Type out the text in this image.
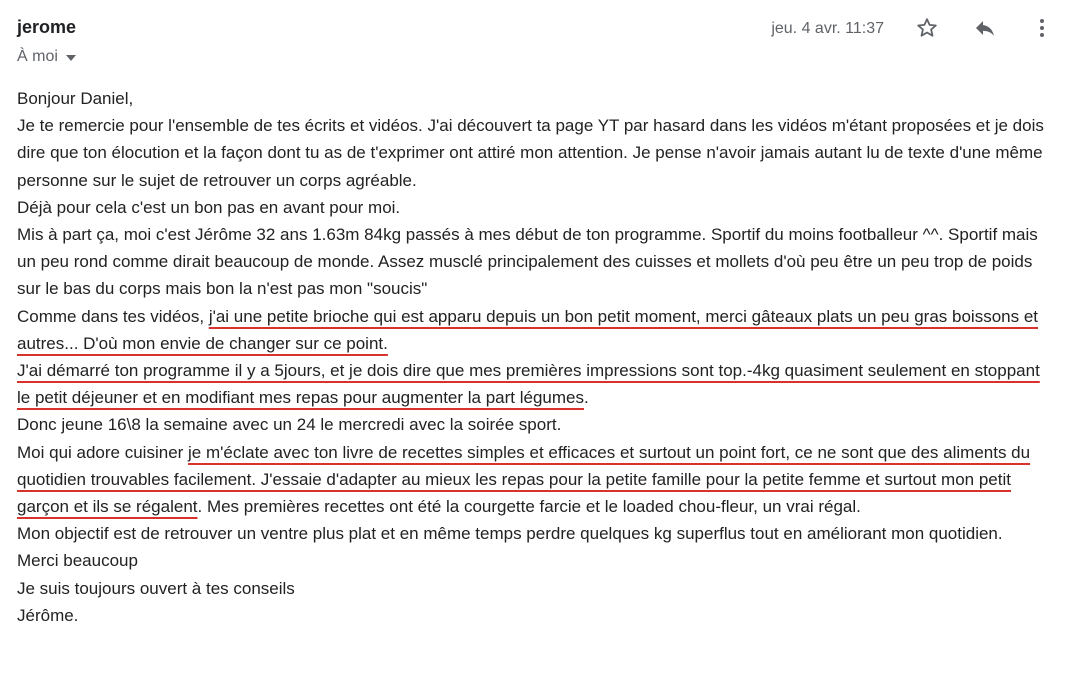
jerome
À moi
jeu. 4 avr. 11:37

Bonjour Daniel,

Je te remercie pour l'ensemble de tes écrits et vidéos. J'ai découvert ta page YT par hasard dans les vidéos m'étant proposées et je dois dire que ton élocution et la façon dont tu as de t'exprimer ont attiré mon attention. Je pense n'avoir jamais autant lu de texte d'une même personne sur le sujet de retrouver un corps agréable.

Déjà pour cela c'est un bon pas en avant pour moi.

Mis à part ça, moi c'est Jérôme 32 ans 1.63m 84kg passés à mes début de ton programme. Sportif du moins footballeur ^^. Sportif mais un peu rond comme dirait beaucoup de monde. Assez musclé principalement des cuisses et mollets d'où peu être un peu trop de poids sur le bas du corps mais bon la n'est pas mon "soucis"

Comme dans tes vidéos, j'ai une petite brioche qui est apparu depuis un bon petit moment, merci gâteaux plats un peu gras boissons et autres... D'où mon envie de changer sur ce point.

J'ai démarré ton programme il y a 5jours, et je dois dire que mes premières impressions sont top.-4kg quasiment seulement en stoppant le petit déjeuner et en modifiant mes repas pour augmenter la part légumes.

Donc jeune 16\8 la semaine avec un 24 le mercredi avec la soirée sport.

Moi qui adore cuisiner je m'éclate avec ton livre de recettes simples et efficaces et surtout un point fort, ce ne sont que des aliments du quotidien trouvables facilement. J'essaie d'adapter au mieux les repas pour la petite famille pour la petite femme et surtout mon petit garçon et ils se régalent. Mes premières recettes ont été la courgette farcie et le loaded chou-fleur, un vrai régal.

Mon objectif est de retrouver un ventre plus plat et en même temps perdre quelques kg superflus tout en améliorant mon quotidien.

Merci beaucoup

Je suis toujours ouvert à tes conseils

Jérôme.
